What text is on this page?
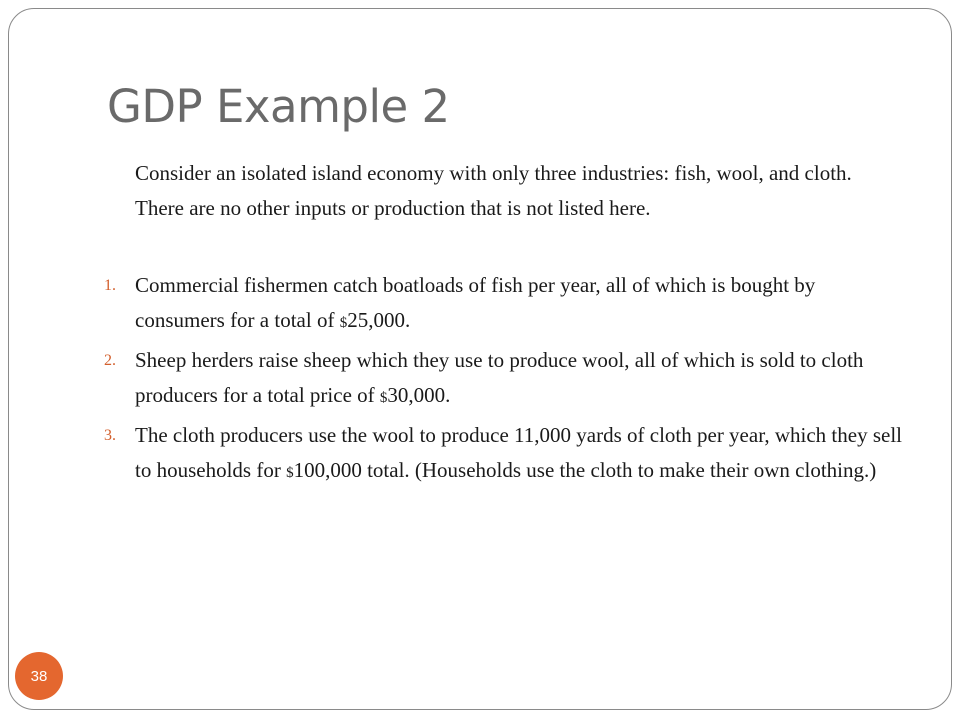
GDP Example 2
Consider an isolated island economy with only three industries: fish, wool, and cloth. There are no other inputs or production that is not listed here.
1. Commercial fishermen catch boatloads of fish per year, all of which is bought by consumers for a total of $25,000.
2. Sheep herders raise sheep which they use to produce wool, all of which is sold to cloth producers for a total price of $30,000.
3. The cloth producers use the wool to produce 11,000 yards of cloth per year, which they sell to households for $100,000 total. (Households use the cloth to make their own clothing.)
38
